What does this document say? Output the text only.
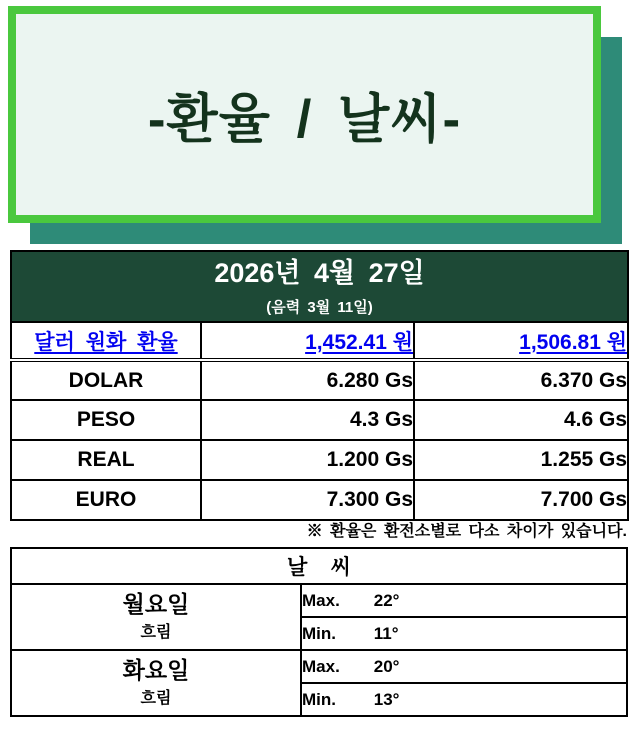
-환율 / 날씨-
2026년 4월 27일
(음력 3월 11일)		

달러 원화 환율	1,452.41 원	1,506.81 원
DOLAR	6.280 Gs	6.370 Gs
PESO	4.3 Gs	4.6 Gs
REAL	1.200 Gs	1.255 Gs
EURO	7.300 Gs	7.700 Gs
※ 환율은 환전소별로 다소 차이가 있습니다.
날    씨	

월요일
흐림	Max. 22°
	Min. 11°

화요일
흐림	Max. 20°
	Min. 13°
